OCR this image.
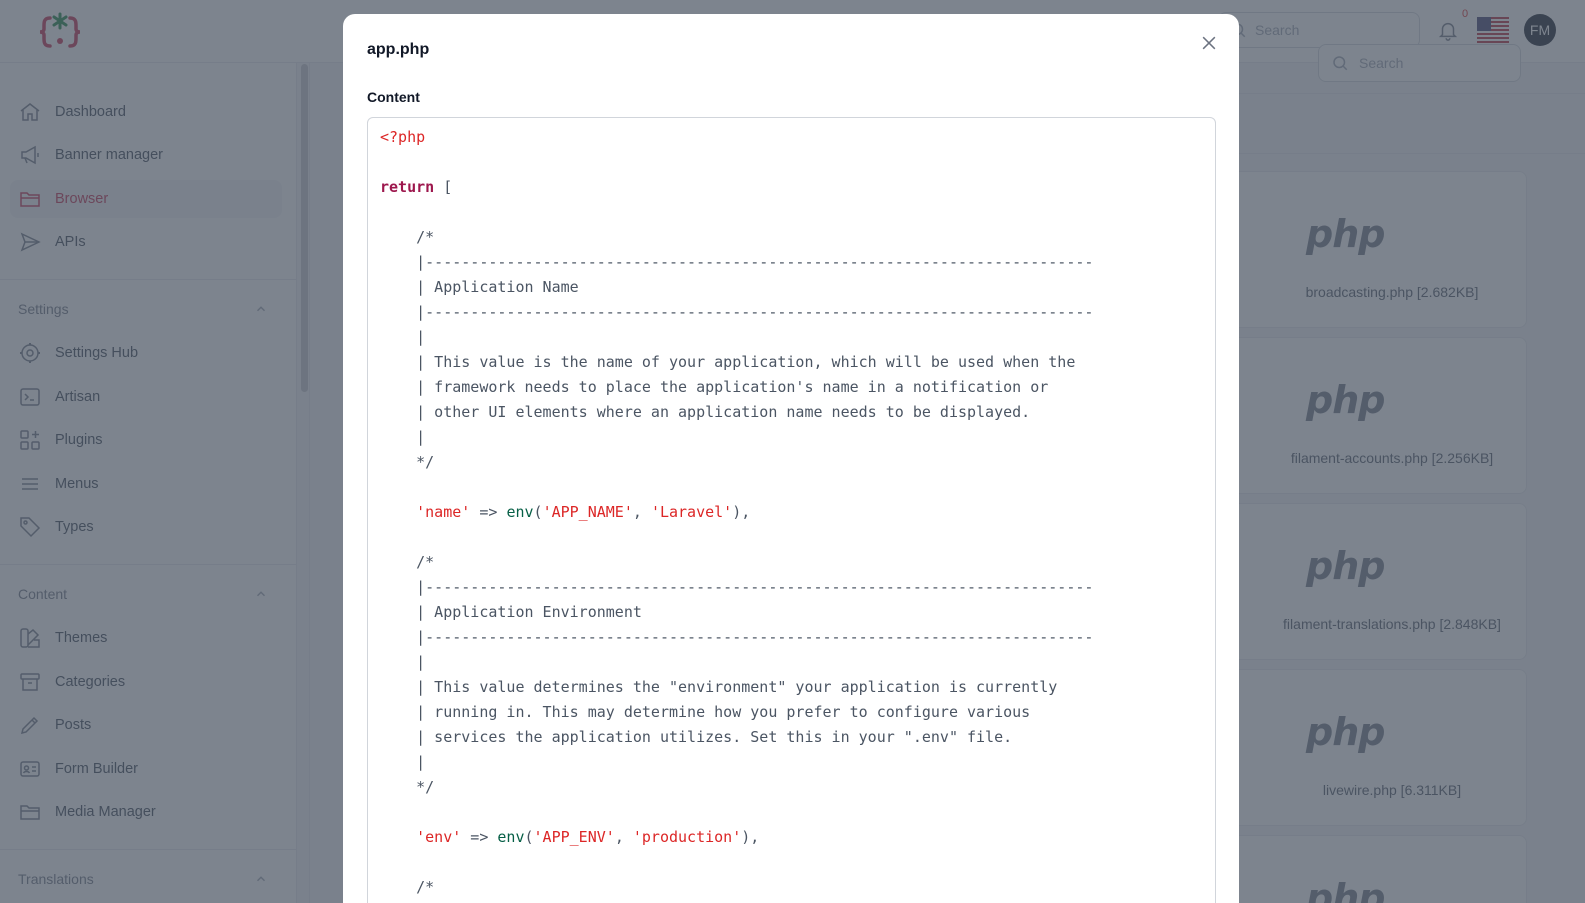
app.php
Content
<?php
return [
/*
|--------------------------------------------------------------------------
| Application Name
|--------------------------------------------------------------------------
|
| This value is the name of your application, which will be used when the
| framework needs to place the application's name in a notification or
| other UI elements where an application name needs to be displayed.
|
*/
'name' => env('APP_NAME', 'Laravel'),
/*
|--------------------------------------------------------------------------
| Application Environment
|--------------------------------------------------------------------------
|
| This value determines the "environment" your application is currently
| running in. This may determine how you prefer to configure various
| services the application utilizes. Set this in your ".env" file.
|
*/
'env' => env('APP_ENV', 'production'),
/*
